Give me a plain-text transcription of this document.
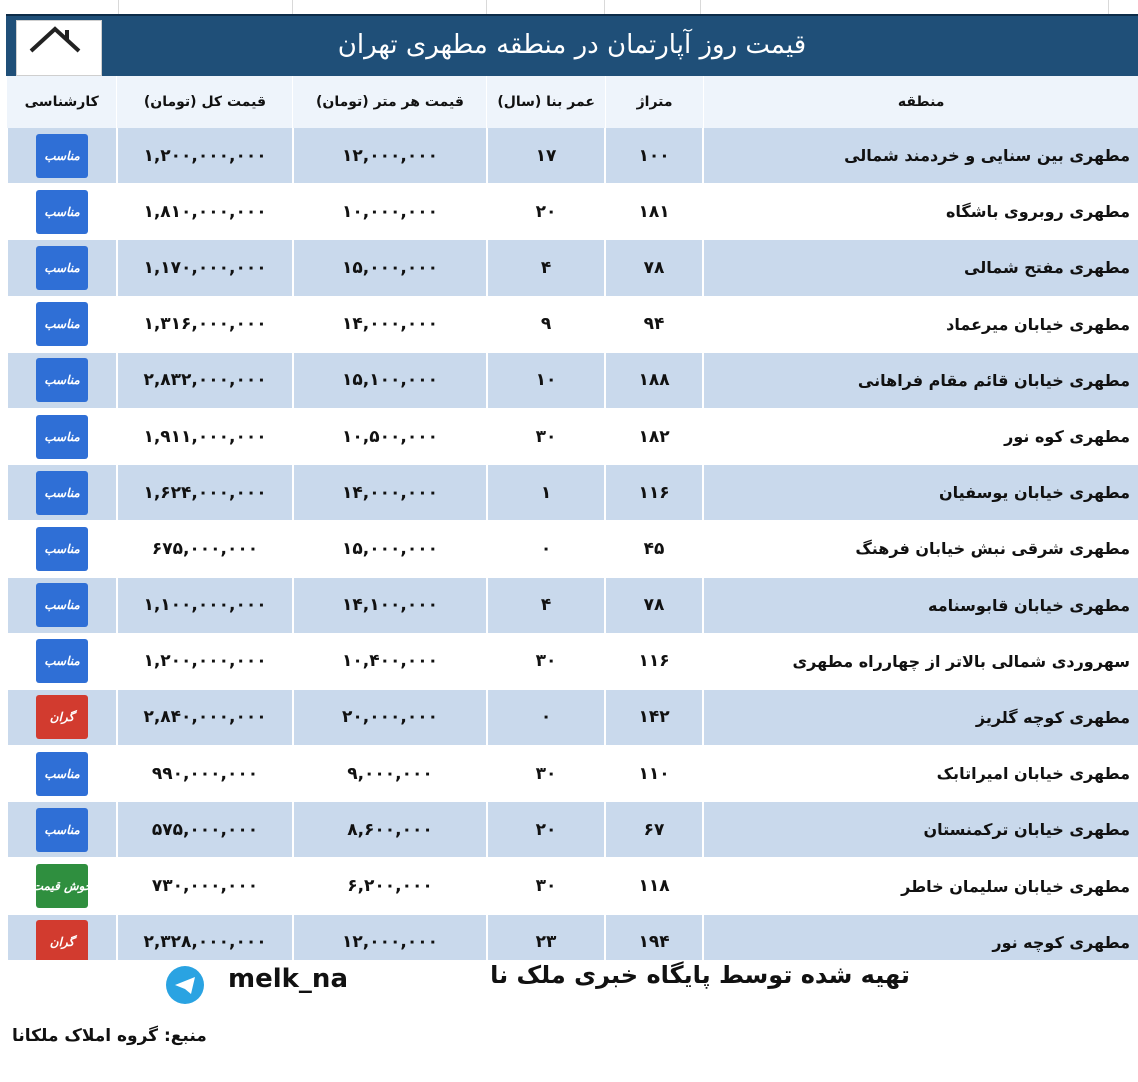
قیمت روز آپارتمان در منطقه مطهری تهران
منطقه
متراژ
عمر بنا (سال)
قیمت هر متر (تومان)
قیمت کل (تومان)
کارشناسی
مطهری بین سنایی و خردمند شمالی
۱۰۰
۱۷
۱۲,۰۰۰,۰۰۰
۱,۲۰۰,۰۰۰,۰۰۰
مناسب
مطهری روبروی باشگاه
۱۸۱
۲۰
۱۰,۰۰۰,۰۰۰
۱,۸۱۰,۰۰۰,۰۰۰
مناسب
مطهری مفتح شمالی
۷۸
۴
۱۵,۰۰۰,۰۰۰
۱,۱۷۰,۰۰۰,۰۰۰
مناسب
مطهری خیابان میرعماد
۹۴
۹
۱۴,۰۰۰,۰۰۰
۱,۳۱۶,۰۰۰,۰۰۰
مناسب
مطهری خیابان قائم مقام فراهانی
۱۸۸
۱۰
۱۵,۱۰۰,۰۰۰
۲,۸۳۲,۰۰۰,۰۰۰
مناسب
مطهری کوه نور
۱۸۲
۳۰
۱۰,۵۰۰,۰۰۰
۱,۹۱۱,۰۰۰,۰۰۰
مناسب
مطهری خیابان یوسفیان
۱۱۶
۱
۱۴,۰۰۰,۰۰۰
۱,۶۲۴,۰۰۰,۰۰۰
مناسب
مطهری شرقی نبش خیابان فرهنگ
۴۵
۰
۱۵,۰۰۰,۰۰۰
۶۷۵,۰۰۰,۰۰۰
مناسب
مطهری خیابان قابوسنامه
۷۸
۴
۱۴,۱۰۰,۰۰۰
۱,۱۰۰,۰۰۰,۰۰۰
مناسب
سهروردی شمالی بالاتر از چهارراه مطهری
۱۱۶
۳۰
۱۰,۴۰۰,۰۰۰
۱,۲۰۰,۰۰۰,۰۰۰
مناسب
مطهری کوچه گلریز
۱۴۲
۰
۲۰,۰۰۰,۰۰۰
۲,۸۴۰,۰۰۰,۰۰۰
گران
مطهری خیابان امیراتابک
۱۱۰
۳۰
۹,۰۰۰,۰۰۰
۹۹۰,۰۰۰,۰۰۰
مناسب
مطهری خیابان ترکمنستان
۶۷
۲۰
۸,۶۰۰,۰۰۰
۵۷۵,۰۰۰,۰۰۰
مناسب
مطهری خیابان سلیمان خاطر
۱۱۸
۳۰
۶,۲۰۰,۰۰۰
۷۳۰,۰۰۰,۰۰۰
خوش قیمت
مطهری کوچه نور
۱۹۴
۲۳
۱۲,۰۰۰,۰۰۰
۲,۳۲۸,۰۰۰,۰۰۰
گران
melk_na	تهیه شده توسط پایگاه خبری ملک نا
منبع: گروه املاک ملکانا
